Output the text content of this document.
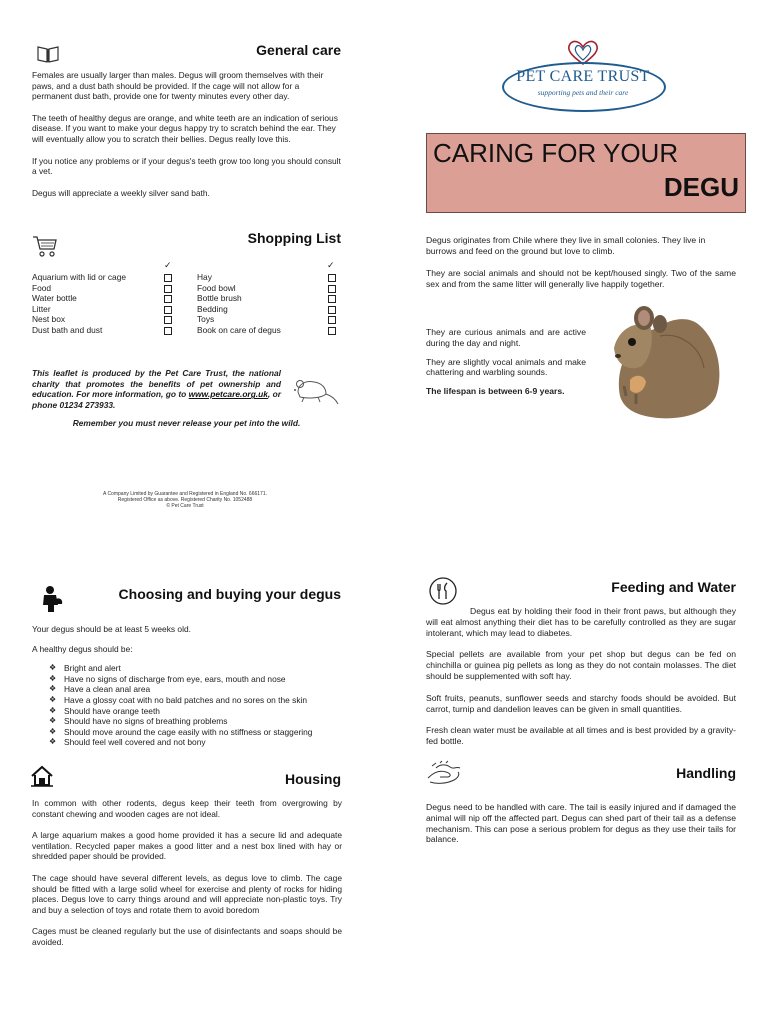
General care

Females are usually larger than males. Degus will groom themselves with their paws, and a dust bath should be provided. If the cage will not allow for a permanent dust bath, provide one for twenty minutes every other day.

The teeth of healthy degus are orange, and white teeth are an indication of serious disease. If you want to make your degus happy try to scratch behind the ear. They will eventually allow you to scratch their bellies. Degus really love this.

If you notice any problems or if your degus's teeth grow too long you should consult a vet.

Degus will appreciate a weekly silver sand bath.

Shopping List
✓	✓
Aquarium with lid or cage
Food
Water bottle
Litter
Nest box
Dust bath and dust
Hay
Food bowl
Bottle brush
Bedding
Toys
Book on care of degus
This leaflet is produced by the Pet Care Trust, the national charity that promotes the benefits of pet ownership and education. For more information, go to www.petcare.org.uk, or phone 01234 273933.

Remember you must never release your pet into the wild.

A Company Limited by Guarantee and Registered in England No. 666171.
Registered Office as above. Registered Charity No. 1052488
© Pet Care Trust
PET CARE TRUST
supporting pets and their care
CARING FOR YOUR
DEGU

Degus originates from Chile where they live in small colonies. They live in burrows and feed on the ground but love to climb.

They are social animals and should not be kept/housed singly. Two of the same sex and from the same litter will generally live happily together.

They are curious animals and are active during the day and night.

They are slightly vocal animals and make chattering and warbling sounds.

The lifespan is between 6-9 years.

Choosing and buying your degus

Your degus should be at least 5 weeks old.

A healthy degus should be:

❖ Bright and alert
❖ Have no signs of discharge from eye, ears, mouth and nose
❖ Have a clean anal area
❖ Have a glossy coat with no bald patches and no sores on the skin
❖ Should have orange teeth
❖ Should have no signs of breathing problems
❖ Should move around the cage easily with no stiffness or staggering
❖ Should feel well covered and not bony
Housing

In common with other rodents, degus keep their teeth from overgrowing by constant chewing and wooden cages are not ideal.

A large aquarium makes a good home provided it has a secure lid and adequate ventilation. Recycled paper makes a good litter and a nest box lined with hay or shredded paper should be provided.

The cage should have several different levels, as degus love to climb. The cage should be fitted with a large solid wheel for exercise and plenty of rocks for hiding places. Degus love to carry things around and will appreciate non-plastic toys. Try and buy a selection of toys and rotate them to avoid boredom

Cages must be cleaned regularly but the use of disinfectants and soaps should be avoided.

Feeding and Water

Degus eat by holding their food in their front paws, but although they will eat almost anything their diet has to be carefully controlled as they are sugar intolerant, which may lead to diabetes.

Special pellets are available from your pet shop but degus can be fed on chinchilla or guinea pig pellets as long as they do not contain molasses. The diet should be supplemented with soft hay.

Soft fruits, peanuts, sunflower seeds and starchy foods should be avoided. But carrot, turnip and dandelion leaves can be given in small quantities.

Fresh clean water must be available at all times and is best provided by a gravity-fed bottle.

Handling

Degus need to be handled with care. The tail is easily injured and if damaged the animal will nip off the affected part. Degus can shed part of their tail as a defense mechanism. This can pose a serious problem for degus as they use their tails for balance.
